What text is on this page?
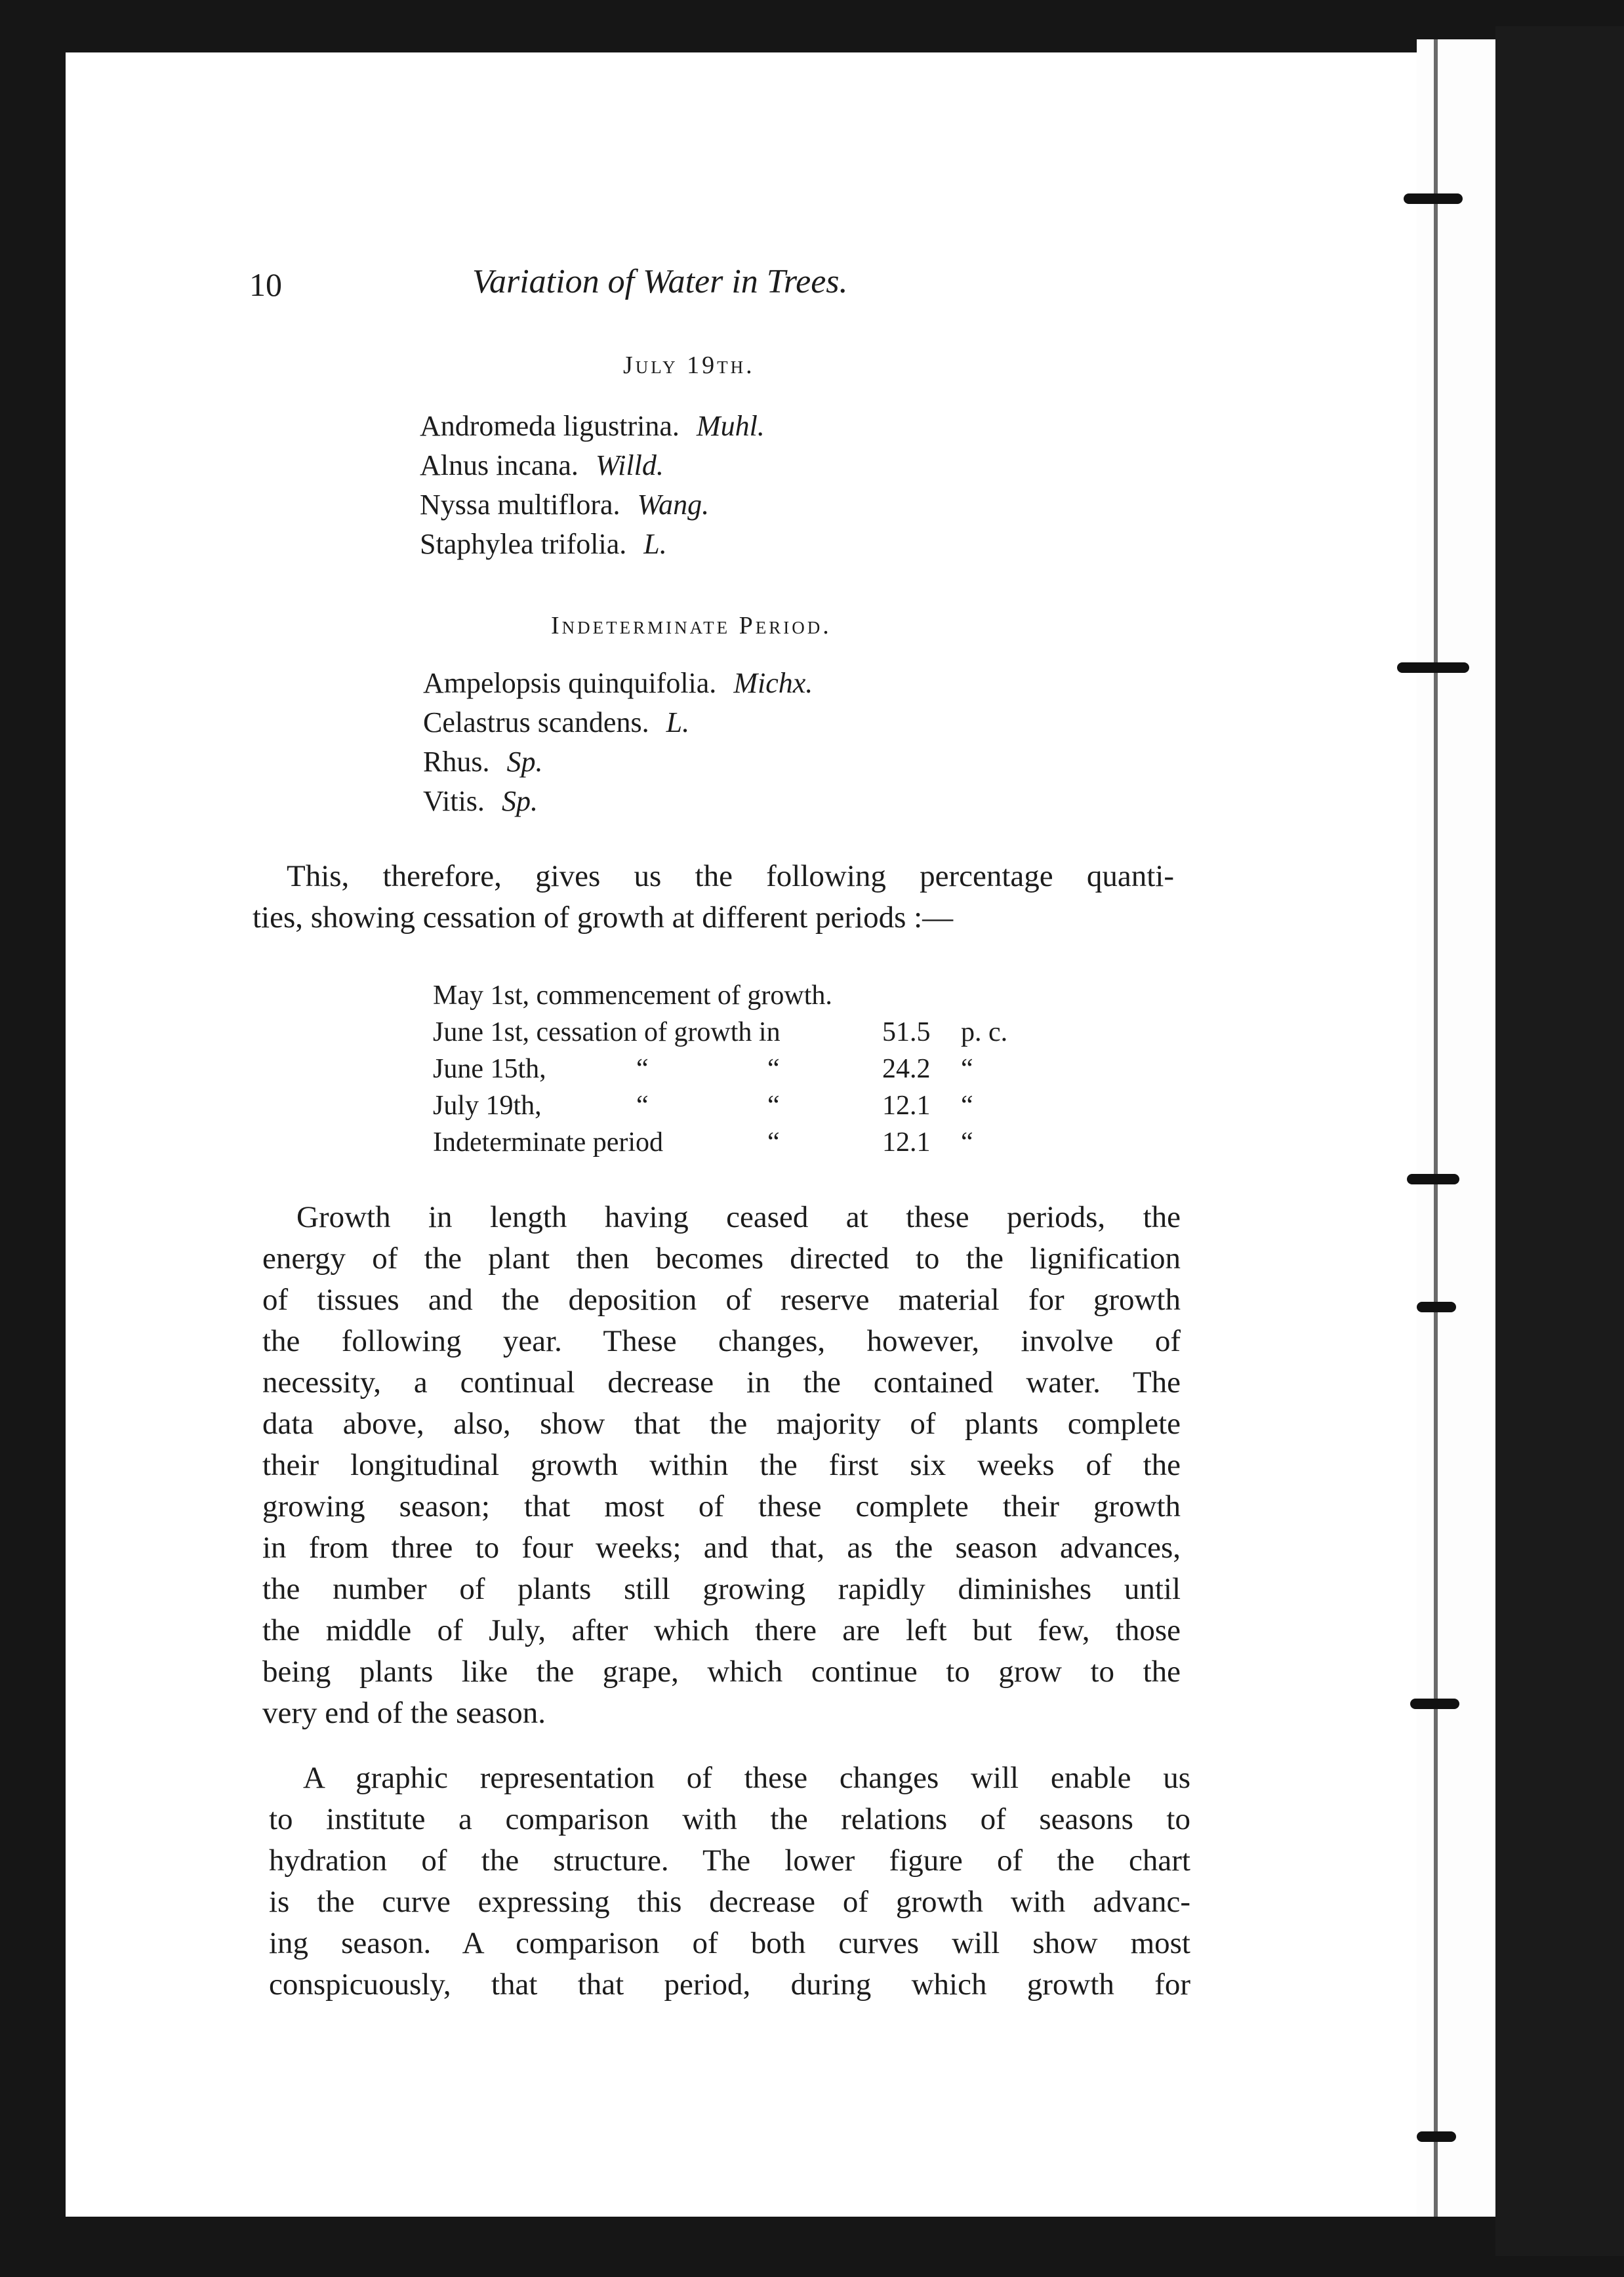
10	Variation of Water in Trees.
July 19th.
Andromeda ligustrina. Muhl.
Alnus incana. Willd.
Nyssa multiflora. Wang.
Staphylea trifolia. L.
Indeterminate Period.
Ampelopsis quinquifolia. Michx.
Celastrus scandens. L.
Rhus. Sp.
Vitis. Sp.
This, therefore, gives us the following percentage quanti-
ties, showing cessation of growth at different periods :—
May 1st, commencement of growth.
June 1st, cessation of growth in	51.5 p. c.
June 15th,	“	“	24.2 “
July 19th,	“	“	12.1 “
Indeterminate period	“	12.1 “
Growth in length having ceased at these periods, the
energy of the plant then becomes directed to the lignification
of tissues and the deposition of reserve material for growth
the following year. These changes, however, involve of
necessity, a continual decrease in the contained water. The
data above, also, show that the majority of plants complete
their longitudinal growth within the first six weeks of the
growing season; that most of these complete their growth
in from three to four weeks; and that, as the season advances,
the number of plants still growing rapidly diminishes until
the middle of July, after which there are left but few, those
being plants like the grape, which continue to grow to the
very end of the season.
A graphic representation of these changes will enable us
to institute a comparison with the relations of seasons to
hydration of the structure. The lower figure of the chart
is the curve expressing this decrease of growth with advanc-
ing season. A comparison of both curves will show most
conspicuously, that that period, during which growth for
